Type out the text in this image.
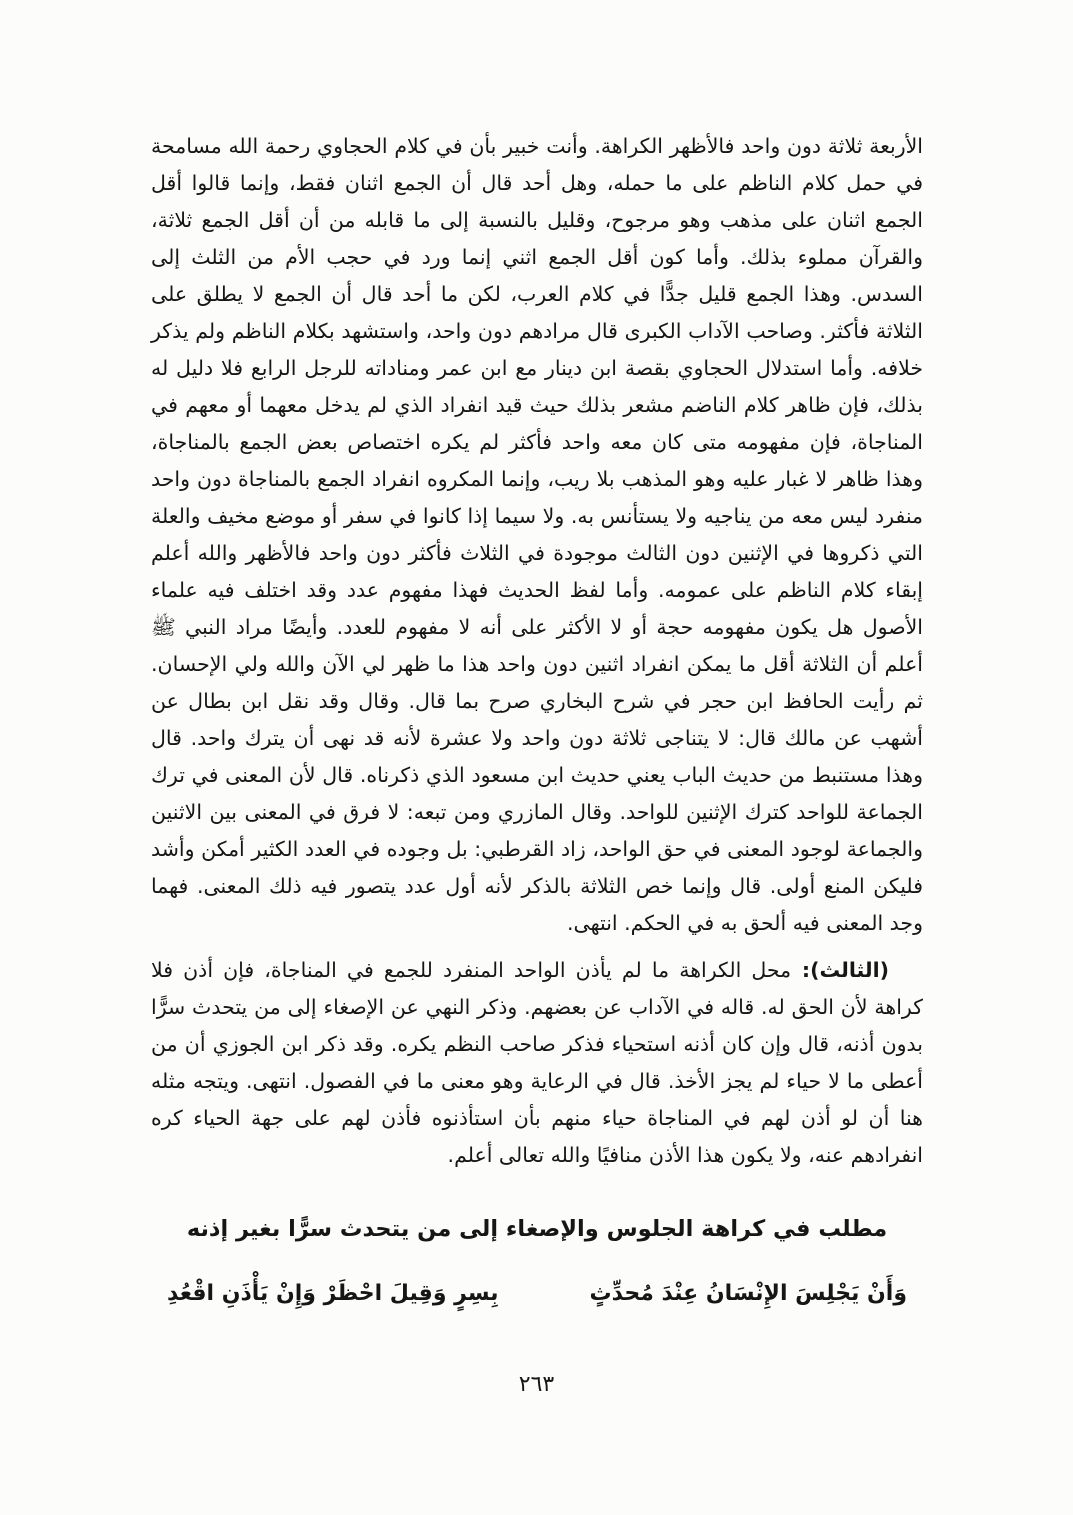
الأربعة ثلاثة دون واحد فالأظهر الكراهة. وأنت خبير بأن في كلام الحجاوي رحمة الله مسامحة في حمل كلام الناظم على ما حمله، وهل أحد قال أن الجمع اثنان فقط، وإنما قالوا أقل الجمع اثنان على مذهب وهو مرجوح، وقليل بالنسبة إلى ما قابله من أن أقل الجمع ثلاثة، والقرآن مملوء بذلك. وأما كون أقل الجمع اثني إنما ورد في حجب الأم من الثلث إلى السدس. وهذا الجمع قليل جدًّا في كلام العرب، لكن ما أحد قال أن الجمع لا يطلق على الثلاثة فأكثر. وصاحب الآداب الكبرى قال مرادهم دون واحد، واستشهد بكلام الناظم ولم يذكر خلافه. وأما استدلال الحجاوي بقصة ابن دينار مع ابن عمر ومناداته للرجل الرابع فلا دليل له بذلك، فإن ظاهر كلام الناضم مشعر بذلك حيث قيد انفراد الذي لم يدخل معهما أو معهم في المناجاة، فإن مفهومه متى كان معه واحد فأكثر لم يكره اختصاص بعض الجمع بالمناجاة، وهذا ظاهر لا غبار عليه وهو المذهب بلا ريب، وإنما المكروه انفراد الجمع بالمناجاة دون واحد منفرد ليس معه من يناجيه ولا يستأنس به. ولا سيما إذا كانوا في سفر أو موضع مخيف والعلة التي ذكروها في الإثنين دون الثالث موجودة في الثلاث فأكثر دون واحد فالأظهر والله أعلم إبقاء كلام الناظم على عمومه. وأما لفظ الحديث فهذا مفهوم عدد وقد اختلف فيه علماء الأصول هل يكون مفهومه حجة أو لا الأكثر على أنه لا مفهوم للعدد. وأيضًا مراد النبي ﷺ أعلم أن الثلاثة أقل ما يمكن انفراد اثنين دون واحد هذا ما ظهر لي الآن والله ولي الإحسان. ثم رأيت الحافظ ابن حجر في شرح البخاري صرح بما قال. وقال وقد نقل ابن بطال عن أشهب عن مالك قال: لا يتناجى ثلاثة دون واحد ولا عشرة لأنه قد نهى أن يترك واحد. قال وهذا مستنبط من حديث الباب يعني حديث ابن مسعود الذي ذكرناه. قال لأن المعنى في ترك الجماعة للواحد كترك الإثنين للواحد. وقال المازري ومن تبعه: لا فرق في المعنى بين الاثنين والجماعة لوجود المعنى في حق الواحد، زاد القرطبي: بل وجوده في العدد الكثير أمكن وأشد فليكن المنع أولى. قال وإنما خص الثلاثة بالذكر لأنه أول عدد يتصور فيه ذلك المعنى. فهما وجد المعنى فيه ألحق به في الحكم. انتهى.

(الثالث): محل الكراهة ما لم يأذن الواحد المنفرد للجمع في المناجاة، فإن أذن فلا كراهة لأن الحق له. قاله في الآداب عن بعضهم. وذكر النهي عن الإصغاء إلى من يتحدث سرًّا بدون أذنه، قال وإن كان أذنه استحياء فذكر صاحب النظم يكره. وقد ذكر ابن الجوزي أن من أعطى ما لا حياء لم يجز الأخذ. قال في الرعاية وهو معنى ما في الفصول. انتهى. ويتجه مثله هنا أن لو أذن لهم في المناجاة حياء منهم بأن استأذنوه فأذن لهم على جهة الحياء كره انفرادهم عنه، ولا يكون هذا الأذن منافيًا والله تعالى أعلم.

مطلب في كراهة الجلوس والإصغاء إلى من يتحدث سرًّا بغير إذنه
وَأَنْ يَجْلِسَ الإِنْسَانُ عِنْدَ مُحدِّثٍ
بِسِرٍ وَقِيلَ احْظَرْ وَإِنْ يَأْذَنِ اقْعُدِ
٢٦٣
